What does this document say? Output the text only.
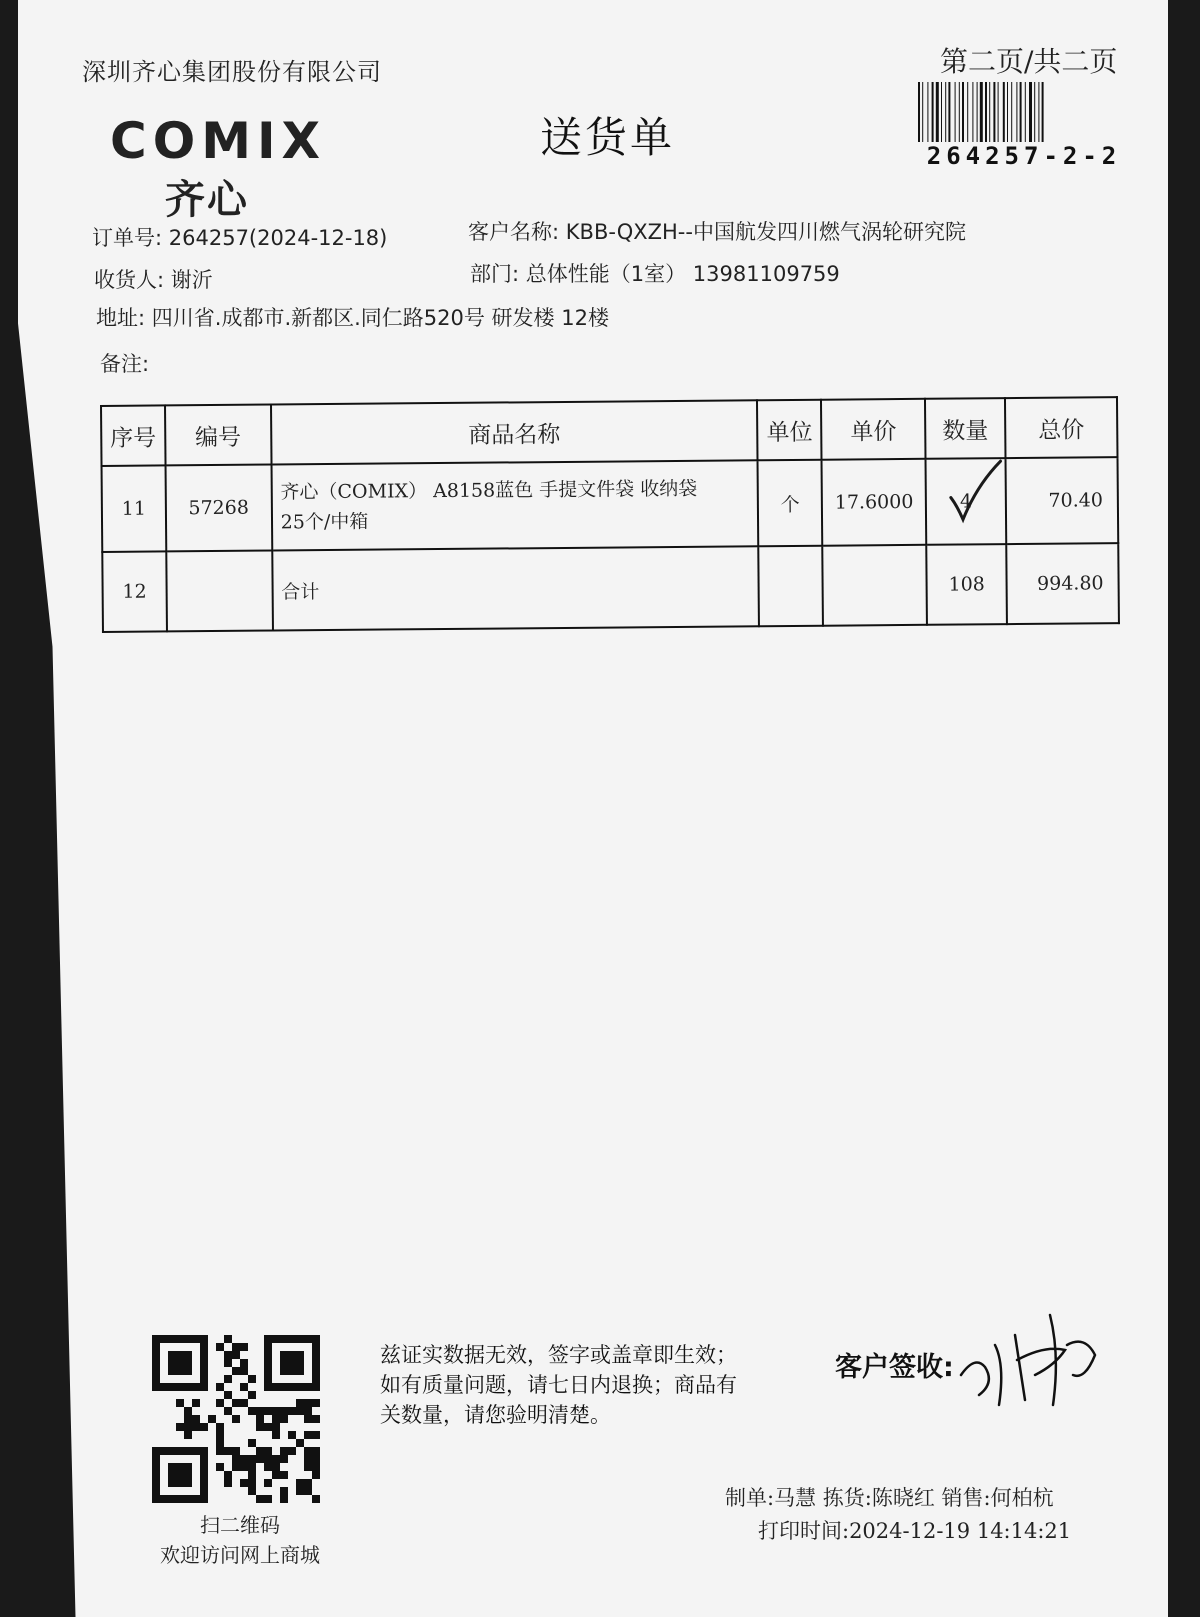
深圳齐心集团股份有限公司	第二页/共二页
264257-2-2
COMIX
齐心
送货单
订单号: 264257(2024-12-18)	客户名称: KBB-QXZH--中国航发四川燃气涡轮研究院
收货人: 谢沂	部门: 总体性能（1室） 13981109759
地址: 四川省.成都市.新都区.同仁路520号 研发楼 12楼
备注:
序号	编号	商品名称	单位	单价	数量	总价
11	57268	齐心（COMIX） A8158蓝色 手提文件袋 收纳袋
25个/中箱	个	17.6000	4	70.40
12		合计			108	994.80
扫二维码
欢迎访问网上商城
兹证实数据无效，签字或盖章即生效；如有质量问题，请七日内退换；商品有关数量，请您验明清楚。
客户签收:
制单:马慧 拣货:陈晓红 销售:何柏杭
打印时间:2024-12-19 14:14:21
